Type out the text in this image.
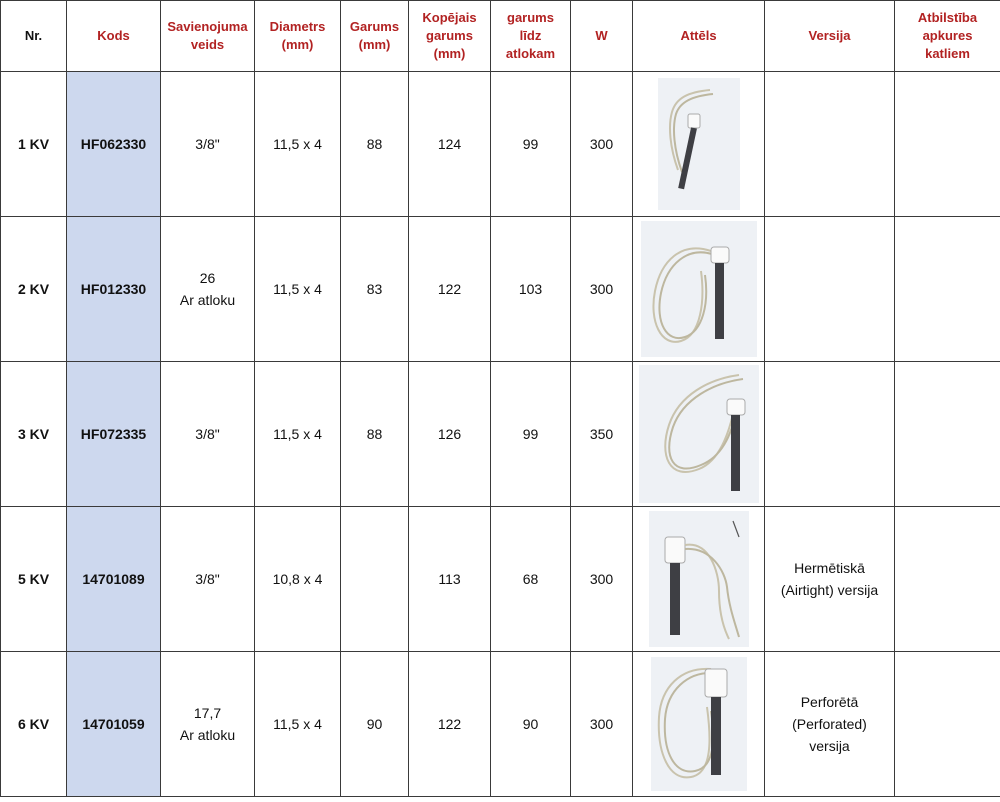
Nr.	Kods	Savienojuma
veids	Diametrs
(mm)	Garums
(mm)	Kopējais
garums
(mm)	garums
līdz
atlokam	W	Attēls	Versija	Atbilstība
apkures
katliem
1 KV	HF062330	3/8"	11,5 x 4	88	124	99	300	

2 KV	HF012330	26
Ar atloku	11,5 x 4	83	122	103	300	

3 KV	HF072335	3/8"	11,5 x 4	88	126	99	350	

5 KV	14701089	3/8"	10,8 x 4		113	68	300		Hermētiskā
(Airtight) versija	
6 KV	14701059	17,7
Ar atloku	11,5 x 4	90	122	90	300		Perforētā
(Perforated)
versija	
